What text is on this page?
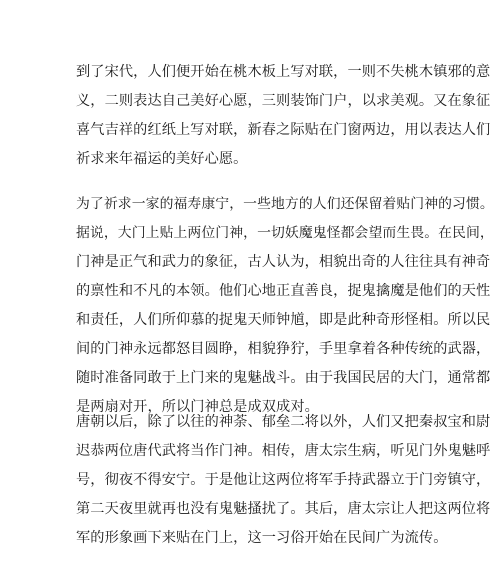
到了宋代，人们便开始在桃木板上写对联，一则不失桃木镇邪的意
义，二则表达自己美好心愿，三则装饰门户，以求美观。又在象征
喜气吉祥的红纸上写对联，新春之际贴在门窗两边，用以表达人们
祈求来年福运的美好心愿。
为了祈求一家的福寿康宁，一些地方的人们还保留着贴门神的习惯。
据说，大门上贴上两位门神，一切妖魔鬼怪都会望而生畏。在民间，
门神是正气和武力的象征，古人认为，相貌出奇的人往往具有神奇
的禀性和不凡的本领。他们心地正直善良，捉鬼擒魔是他们的天性
和责任，人们所仰慕的捉鬼天师钟馗，即是此种奇形怪相。所以民
间的门神永远都怒目圆睁，相貌狰狞，手里拿着各种传统的武器，
随时准备同敢于上门来的鬼魅战斗。由于我国民居的大门，通常都
是两扇对开，所以门神总是成双成对。
唐朝以后，除了以往的神荼、郁垒二将以外，人们又把秦叔宝和尉
迟恭两位唐代武将当作门神。相传，唐太宗生病，听见门外鬼魅呼
号，彻夜不得安宁。于是他让这两位将军手持武器立于门旁镇守，
第二天夜里就再也没有鬼魅搔扰了。其后，唐太宗让人把这两位将
军的形象画下来贴在门上，这一习俗开始在民间广为流传。
